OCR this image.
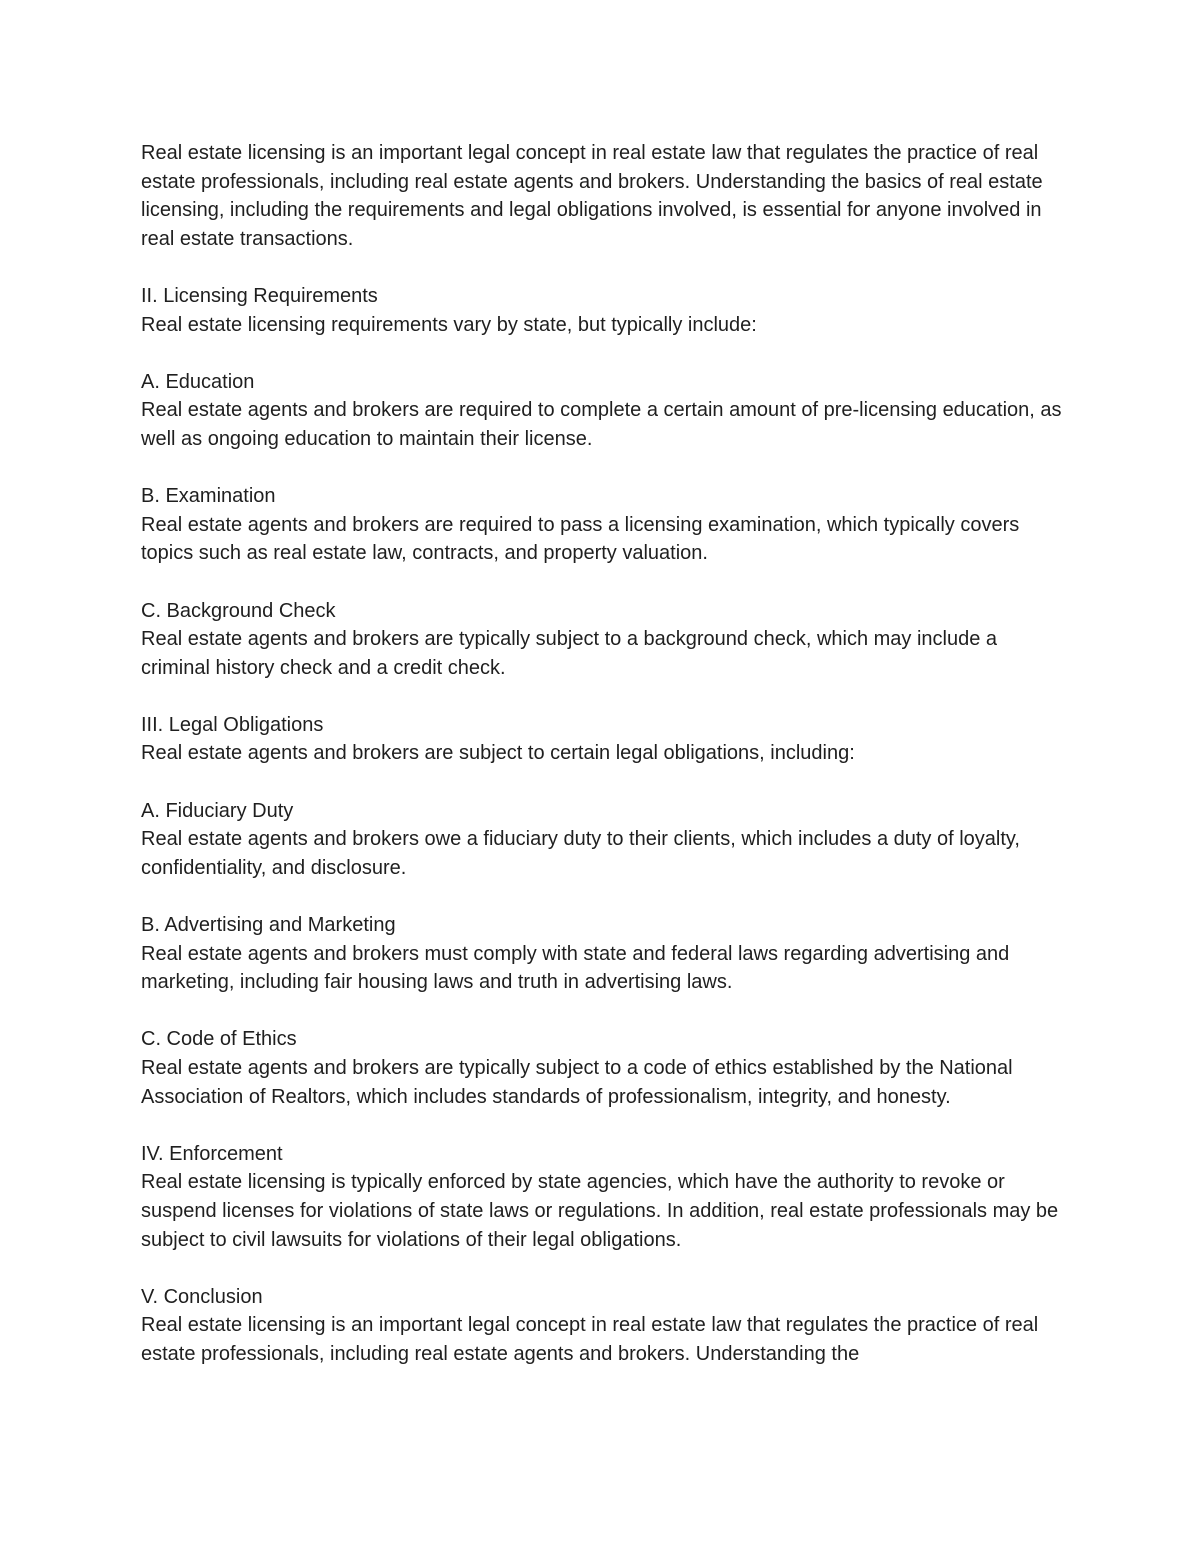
Real estate licensing is an important legal concept in real estate law that regulates the practice of real estate professionals, including real estate agents and brokers. Understanding the basics of real estate licensing, including the requirements and legal obligations involved, is essential for anyone involved in real estate transactions.

II. Licensing Requirements

Real estate licensing requirements vary by state, but typically include:

A. Education

Real estate agents and brokers are required to complete a certain amount of pre-licensing education, as well as ongoing education to maintain their license.

B. Examination

Real estate agents and brokers are required to pass a licensing examination, which typically covers topics such as real estate law, contracts, and property valuation.

C. Background Check

Real estate agents and brokers are typically subject to a background check, which may include a criminal history check and a credit check.

III. Legal Obligations

Real estate agents and brokers are subject to certain legal obligations, including:

A. Fiduciary Duty

Real estate agents and brokers owe a fiduciary duty to their clients, which includes a duty of loyalty, confidentiality, and disclosure.

B. Advertising and Marketing

Real estate agents and brokers must comply with state and federal laws regarding advertising and marketing, including fair housing laws and truth in advertising laws.

C. Code of Ethics

Real estate agents and brokers are typically subject to a code of ethics established by the National Association of Realtors, which includes standards of professionalism, integrity, and honesty.

IV. Enforcement

Real estate licensing is typically enforced by state agencies, which have the authority to revoke or suspend licenses for violations of state laws or regulations. In addition, real estate professionals may be subject to civil lawsuits for violations of their legal obligations.

V. Conclusion

Real estate licensing is an important legal concept in real estate law that regulates the practice of real estate professionals, including real estate agents and brokers. Understanding the
